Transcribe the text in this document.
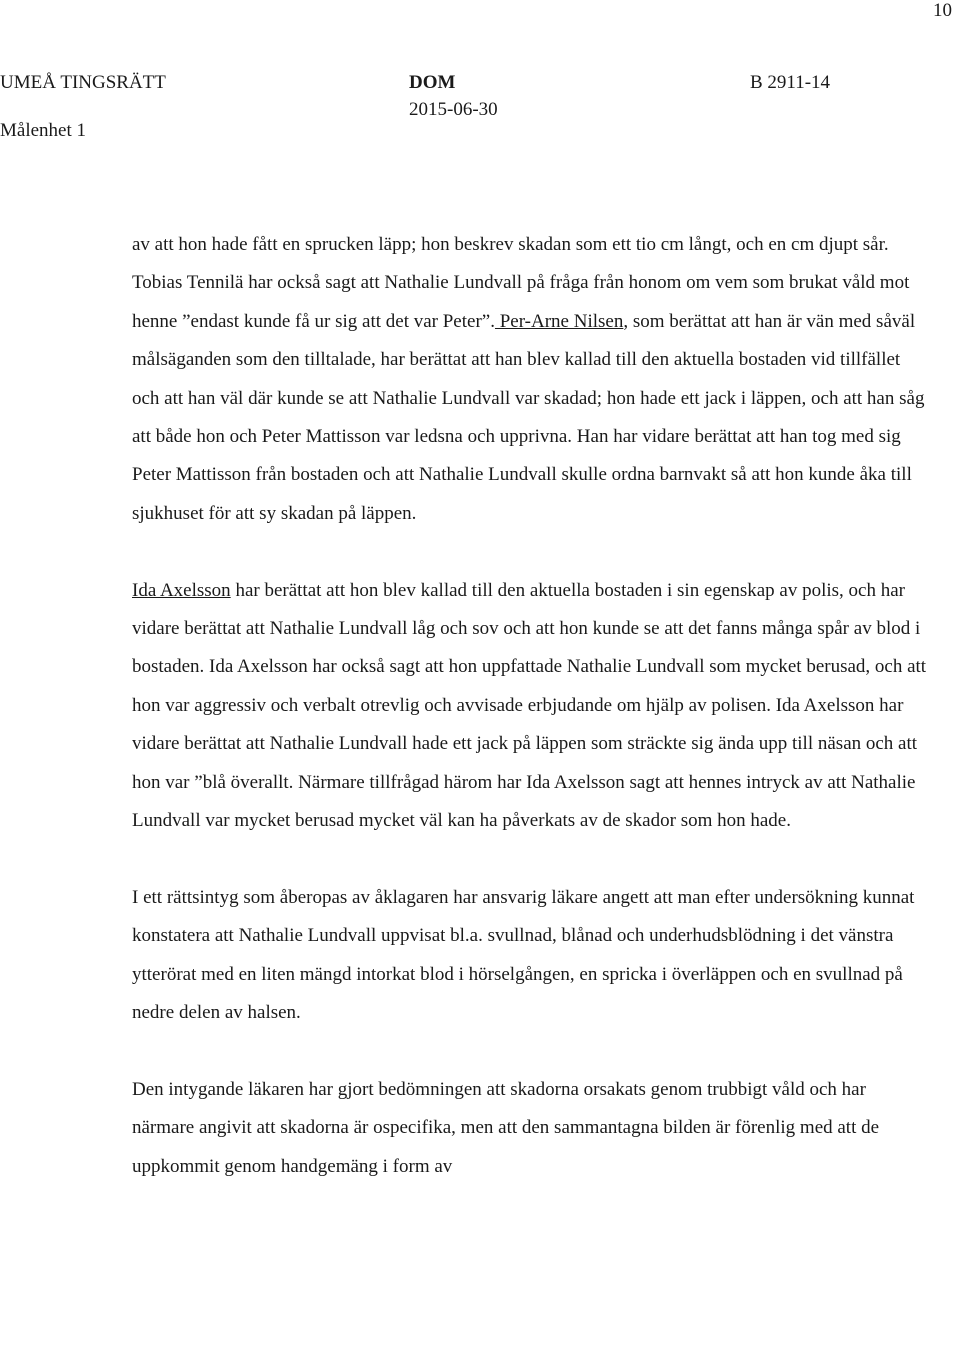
10
UMEÅ TINGSRÄTT
Målenhet 1
DOM
2015-06-30
B 2911-14

av att hon hade fått en sprucken läpp; hon beskrev skadan som ett tio cm långt, och en cm djupt sår. Tobias Tennilä har också sagt att Nathalie Lundvall på fråga från honom om vem som brukat våld mot henne ”endast kunde få ur sig att det var Peter”. Per-Arne Nilsen, som berättat att han är vän med såväl målsäganden som den tilltalade, har berättat att han blev kallad till den aktuella bostaden vid tillfället och att han väl där kunde se att Nathalie Lundvall var skadad; hon hade ett jack i läppen, och att han såg att både hon och Peter Mattisson var ledsna och upprivna. Han har vidare berättat att han tog med sig Peter Mattisson från bostaden och att Nathalie Lundvall skulle ordna barnvakt så att hon kunde åka till sjukhuset för att sy skadan på läppen.

Ida Axelsson har berättat att hon blev kallad till den aktuella bostaden i sin egenskap av polis, och har vidare berättat att Nathalie Lundvall låg och sov och att hon kunde se att det fanns många spår av blod i bostaden. Ida Axelsson har också sagt att hon uppfattade Nathalie Lundvall som mycket berusad, och att hon var aggressiv och verbalt otrevlig och avvisade erbjudande om hjälp av polisen. Ida Axelsson har vidare berättat att Nathalie Lundvall hade ett jack på läppen som sträckte sig ända upp till näsan och att hon var ”blå överallt. Närmare tillfrågad härom har Ida Axelsson sagt att hennes intryck av att Nathalie Lundvall var mycket berusad mycket väl kan ha påverkats av de skador som hon hade.

I ett rättsintyg som åberopas av åklagaren har ansvarig läkare angett att man efter undersökning kunnat konstatera att Nathalie Lundvall uppvisat bl.a. svullnad, blånad och underhudsblödning i det vänstra ytterörat med en liten mängd intorkat blod i hörselgången, en spricka i överläppen och en svullnad på nedre delen av halsen.

Den intygande läkaren har gjort bedömningen att skadorna orsakats genom trubbigt våld och har närmare angivit att skadorna är ospecifika, men att den sammantagna bilden är förenlig med att de uppkommit genom handgemäng i form av
